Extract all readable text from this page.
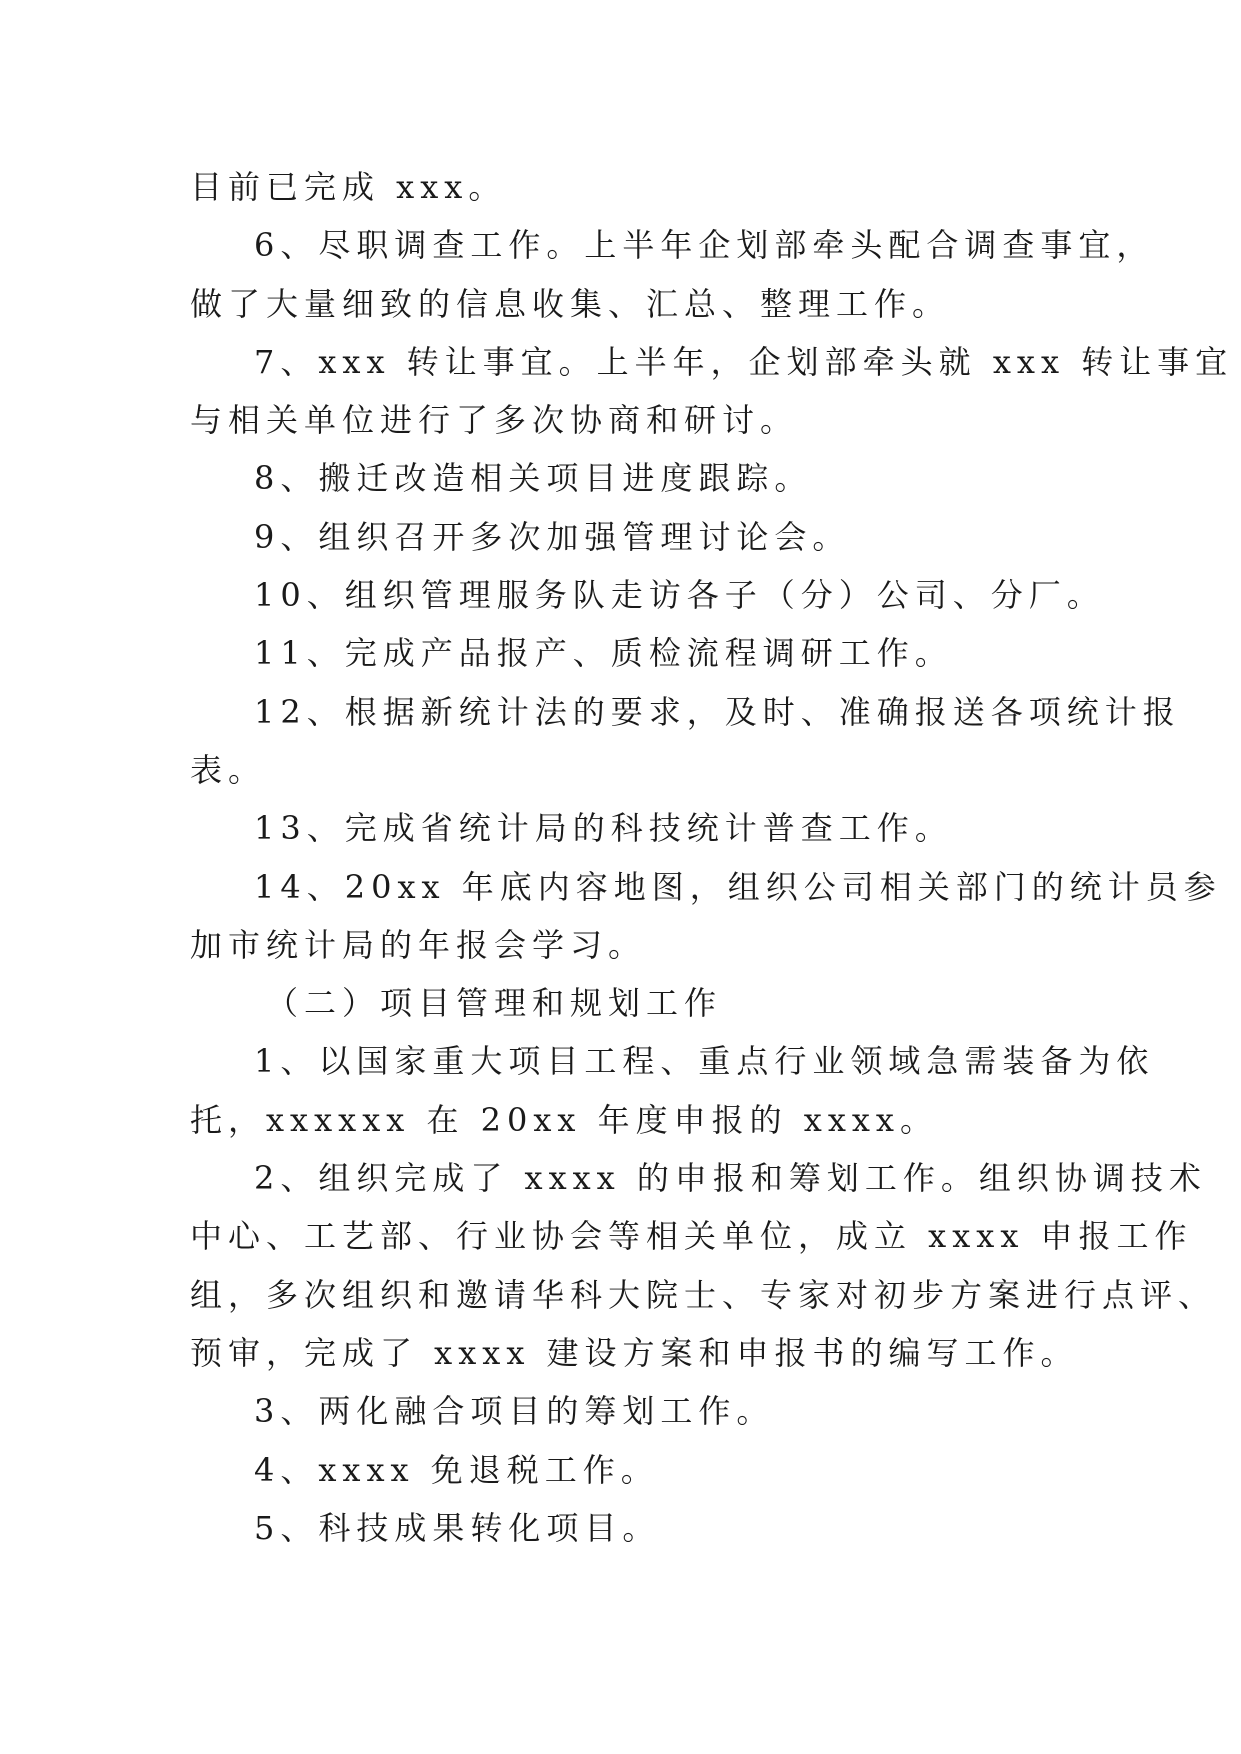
目前已完成 xxx。
6、尽职调查工作。上半年企划部牵头配合调查事宜，
做了大量细致的信息收集、汇总、整理工作。
7、xxx 转让事宜。上半年，企划部牵头就 xxx 转让事宜
与相关单位进行了多次协商和研讨。
8、搬迁改造相关项目进度跟踪。
9、组织召开多次加强管理讨论会。
10、组织管理服务队走访各子（分）公司、分厂。
11、完成产品报产、质检流程调研工作。
12、根据新统计法的要求，及时、准确报送各项统计报
表。
13、完成省统计局的科技统计普查工作。
14、20xx 年底内容地图，组织公司相关部门的统计员参
加市统计局的年报会学习。
（二）项目管理和规划工作
1、以国家重大项目工程、重点行业领域急需装备为依
托，xxxxxx 在 20xx 年度申报的 xxxx。
2、组织完成了 xxxx 的申报和筹划工作。组织协调技术
中心、工艺部、行业协会等相关单位，成立 xxxx 申报工作
组，多次组织和邀请华科大院士、专家对初步方案进行点评、
预审，完成了 xxxx 建设方案和申报书的编写工作。
3、两化融合项目的筹划工作。
4、xxxx 免退税工作。
5、科技成果转化项目。
